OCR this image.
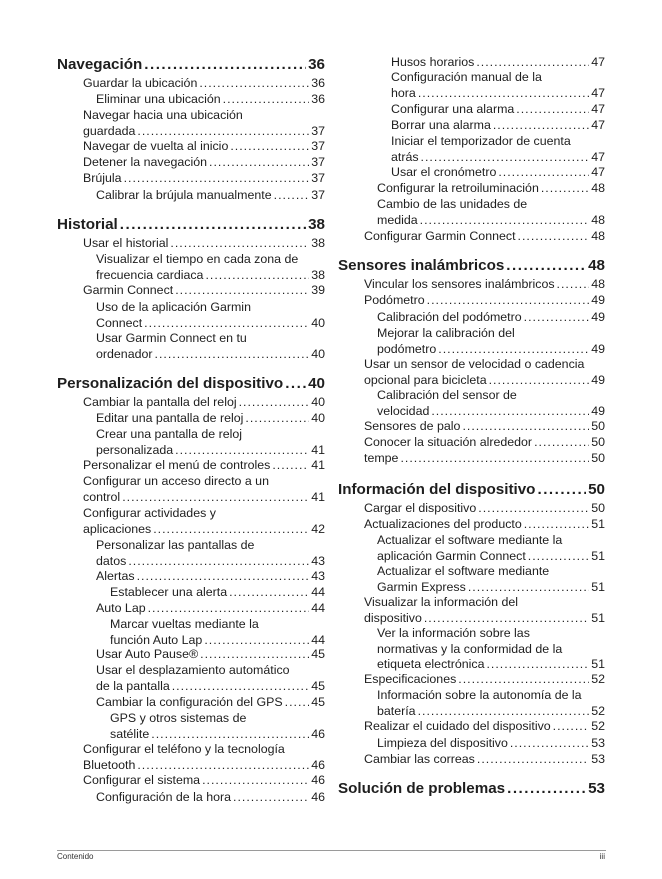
Navegación .....	36
Guardar la ubicación .....	36
Eliminar una ubicación .....	36
Navegar hacia una ubicación
guardada .....	37
Navegar de vuelta al inicio .....	37
Detener la navegación .....	37
Brújula .....	37
Calibrar la brújula manualmente .....	37
Historial .....	38
Usar el historial .....	38
Visualizar el tiempo en cada zona de
frecuencia cardiaca .....	38
Garmin Connect .....	39
Uso de la aplicación Garmin
Connect .....	40
Usar Garmin Connect en tu
ordenador .....	40
Personalización del dispositivo ..... 40
Cambiar la pantalla del reloj .....	40
Editar una pantalla de reloj .....	40
Crear una pantalla de reloj
personalizada .....	41
Personalizar el menú de controles .....	41
Configurar un acceso directo a un
control .....	41
Configurar actividades y
aplicaciones .....	42
Personalizar las pantallas de
datos .....	43
Alertas .....	43
Establecer una alerta .....	44
Auto Lap .....	44
Marcar vueltas mediante la
función Auto Lap .....	44
Usar Auto Pause® .....	45
Usar el desplazamiento automático
de la pantalla .....	45
Cambiar la configuración del GPS ..... 45
GPS y otros sistemas de
satélite .....	46
Configurar el teléfono y la tecnología
Bluetooth .....	46
Configurar el sistema .....	46
Configuración de la hora .....	46
Husos horarios .....	47
Configuración manual de la
hora .....	47
Configurar una alarma .....	47
Borrar una alarma .....	47
Iniciar el temporizador de cuenta
atrás .....	47
Usar el cronómetro .....	47
Configurar la retroiluminación .....	48
Cambio de las unidades de
medida .....	48
Configurar Garmin Connect .....	48
Sensores inalámbricos .....	48
Vincular los sensores inalámbricos .....	48
Podómetro .....	49
Calibración del podómetro .....	49
Mejorar la calibración del
podómetro .....	49
Usar un sensor de velocidad o cadencia
opcional para bicicleta .....	49
Calibración del sensor de
velocidad .....	49
Sensores de palo .....	50
Conocer la situación alrededor .....	50
tempe .....	50
Información del dispositivo .....	50
Cargar el dispositivo .....	50
Actualizaciones del producto .....	51
Actualizar el software mediante la
aplicación Garmin Connect .....	51
Actualizar el software mediante
Garmin Express .....	51
Visualizar la información del
dispositivo .....	51
Ver la información sobre las
normativas y la conformidad de la
etiqueta electrónica .....	51
Especificaciones .....	52
Información sobre la autonomía de la
batería .....	52
Realizar el cuidado del dispositivo .....	52
Limpieza del dispositivo .....	53
Cambiar las correas .....	53
Solución de problemas .....	53
Contenido	iii
